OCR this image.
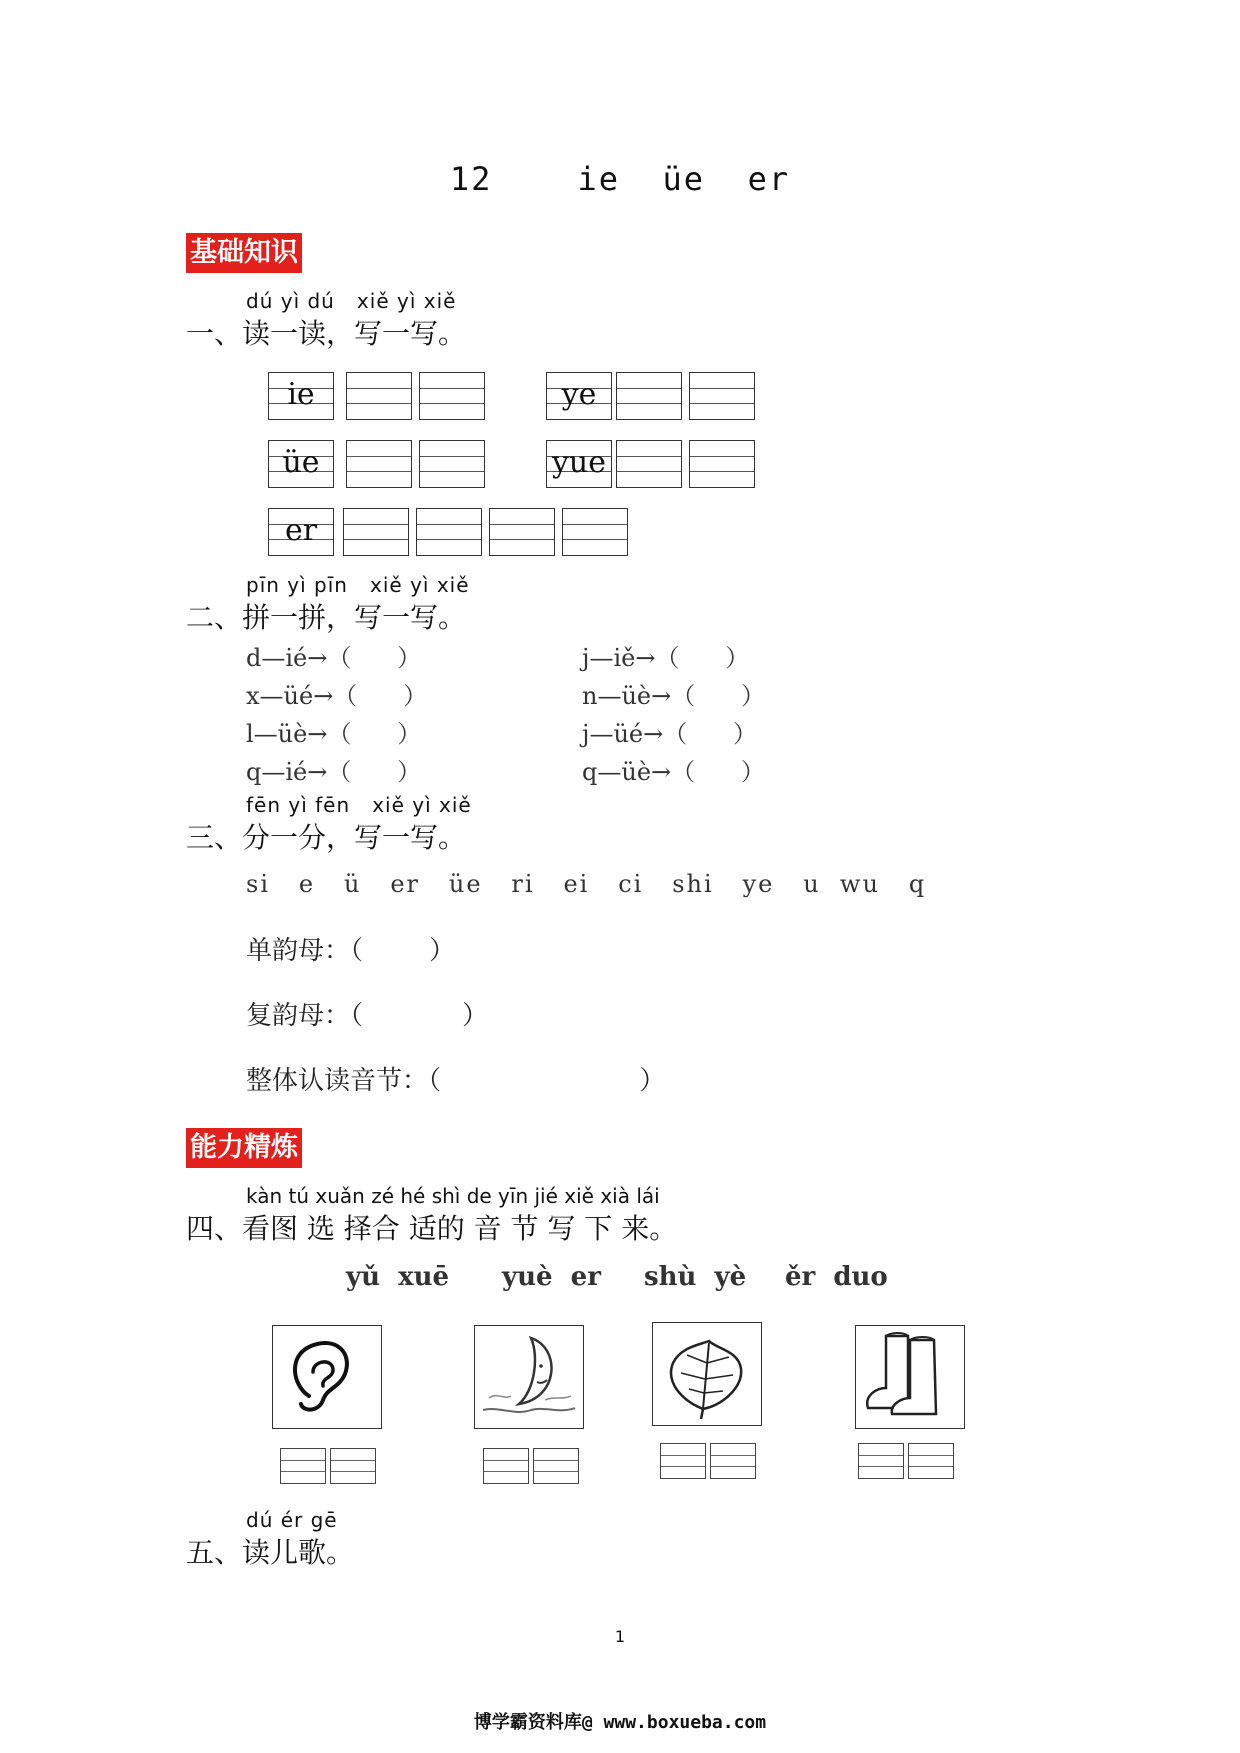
12    ie  üe  er
基础知识
dú yì dú   xiě yì xiě
一、读一读，写一写。
ie	ye
üe	yue
er
pīn yì pīn   xiě yì xiě
二、拼一拼，写一写。
d—ié→（      ）
x—üé→（      ）
l—üè→（      ）
q—ié→（      ）
j—iě→（      ）
n—üè→（      ）
j—üé→（      ）
q—üè→（      ）
fēn yì fēn   xiě yì xiě
三、分一分，写一写。
si   e   ü   er   üe   ri   ei   ci   shi   ye   u  wu   q
单韵母：（        ）
复韵母：（            ）
整体认读音节：（                        ）
能力精炼
kàn tú xuǎn zé hé shì de yīn jié xiě xià lái
四、看图 选 择合 适的 音 节 写 下 来。
yǔ  xuē yuè  er shù  yè ěr  duo
dú ér gē
五、读儿歌。
1
博学霸资料库@ www.boxueba.com
